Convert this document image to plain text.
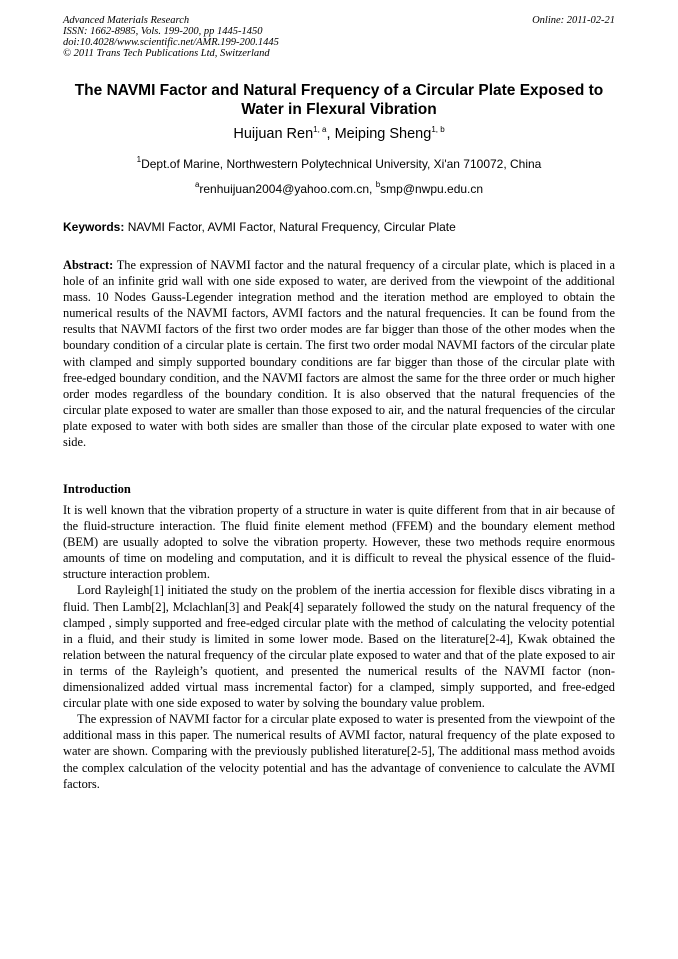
Advanced Materials Research
ISSN: 1662-8985, Vols. 199-200, pp 1445-1450
doi:10.4028/www.scientific.net/AMR.199-200.1445
© 2011 Trans Tech Publications Ltd, Switzerland
Online: 2011-02-21
The NAVMI Factor and Natural Frequency of a Circular Plate Exposed to Water in Flexural Vibration
Huijuan Ren$^{1, a}$, Meiping Sheng$^{1, b}$
$^1$Dept.of Marine, Northwestern Polytechnical University, Xi'an 710072, China
$^a$renhuijuan2004@yahoo.com.cn, $^b$smp@nwpu.edu.cn
Keywords: NAVMI Factor, AVMI Factor, Natural Frequency, Circular Plate

Abstract: The expression of NAVMI factor and the natural frequency of a circular plate, which is placed in a hole of an infinite grid wall with one side exposed to water, are derived from the viewpoint of the additional mass. 10 Nodes Gauss-Legender integration method and the iteration method are employed to obtain the numerical results of the NAVMI factors, AVMI factors and the natural frequencies. It can be found from the results that NAVMI factors of the first two order modes are far bigger than those of the other modes when the boundary condition of a circular plate is certain. The first two order modal NAVMI factors of the circular plate with clamped and simply supported boundary conditions are far bigger than those of the circular plate with free-edged boundary condition, and the NAVMI factors are almost the same for the three order or much higher order modes regardless of the boundary condition. It is also observed that the natural frequencies of the circular plate exposed to water are smaller than those exposed to air, and the natural frequencies of the circular plate exposed to water with both sides are smaller than those of the circular plate exposed to water with one side.

Introduction

It is well known that the vibration property of a structure in water is quite different from that in air because of the fluid-structure interaction. The fluid finite element method (FFEM) and the boundary element method (BEM) are usually adopted to solve the vibration property. However, these two methods require enormous amounts of time on modeling and computation, and it is difficult to reveal the physical essence of the fluid-structure interaction problem.

Lord Rayleigh[1] initiated the study on the problem of the inertia accession for flexible discs vibrating in a fluid. Then Lamb[2], Mclachlan[3] and Peak[4] separately followed the study on the natural frequency of the clamped , simply supported and free-edged circular plate with the method of calculating the velocity potential in a fluid, and their study is limited in some lower mode. Based on the literature[2-4], Kwak obtained the relation between the natural frequency of the circular plate exposed to water and that of the plate exposed to air in terms of the Rayleigh’s quotient, and presented the numerical results of the NAVMI factor (non-dimensionalized added virtual mass incremental factor) for a clamped, simply supported, and free-edged circular plate with one side exposed to water by solving the boundary value problem.

The expression of NAVMI factor for a circular plate exposed to water is presented from the viewpoint of the additional mass in this paper. The numerical results of AVMI factor, natural frequency of the plate exposed to water are shown. Comparing with the previously published literature[2-5], The additional mass method avoids the complex calculation of the velocity potential and has the advantage of convenience to calculate the AVMI factors.
